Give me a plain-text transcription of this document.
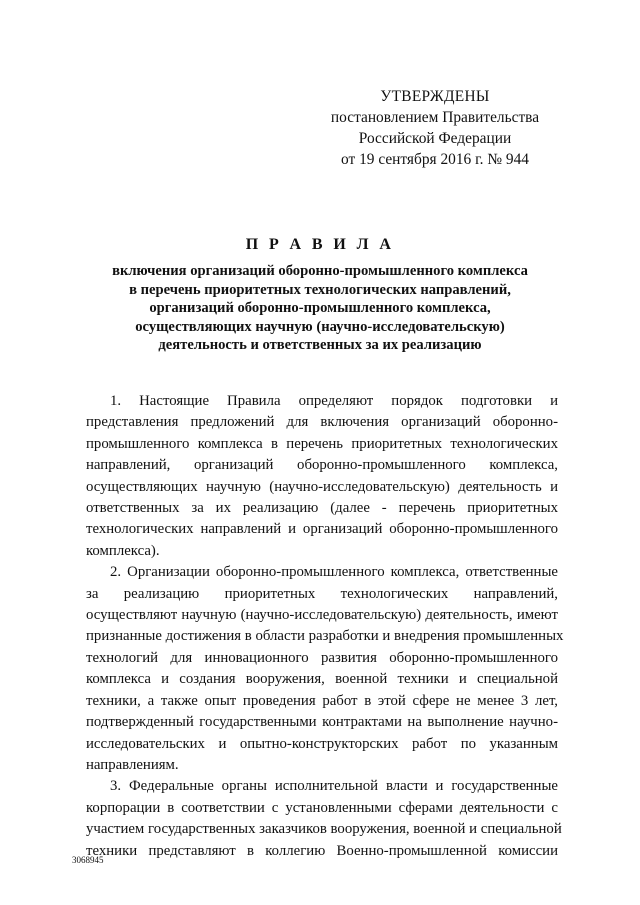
УТВЕРЖДЕНЫ
постановлением Правительства
Российской Федерации
от 19 сентября 2016 г. № 944
П Р А В И Л А
включения организаций оборонно-промышленного комплекса
в перечень приоритетных технологических направлений,
организаций оборонно-промышленного комплекса,
осуществляющих научную (научно-исследовательскую)
деятельность и ответственных за их реализацию
1. Настоящие Правила определяют порядок подготовки и
представления предложений для включения организаций оборонно-
промышленного комплекса в перечень приоритетных технологических
направлений, организаций оборонно-промышленного комплекса,
осуществляющих научную (научно-исследовательскую) деятельность и
ответственных за их реализацию (далее - перечень приоритетных
технологических направлений и организаций оборонно-промышленного
комплекса).
2. Организации оборонно-промышленного комплекса, ответственные
за реализацию приоритетных технологических направлений,
осуществляют научную (научно-исследовательскую) деятельность, имеют
признанные достижения в области разработки и внедрения промышленных
технологий для инновационного развития оборонно-промышленного
комплекса и создания вооружения, военной техники и специальной
техники, а также опыт проведения работ в этой сфере не менее 3 лет,
подтвержденный государственными контрактами на выполнение научно-
исследовательских и опытно-конструкторских работ по указанным
направлениям.
3. Федеральные органы исполнительной власти и государственные
корпорации в соответствии с установленными сферами деятельности с
участием государственных заказчиков вооружения, военной и специальной
техники представляют в коллегию Военно-промышленной комиссии
3068945
